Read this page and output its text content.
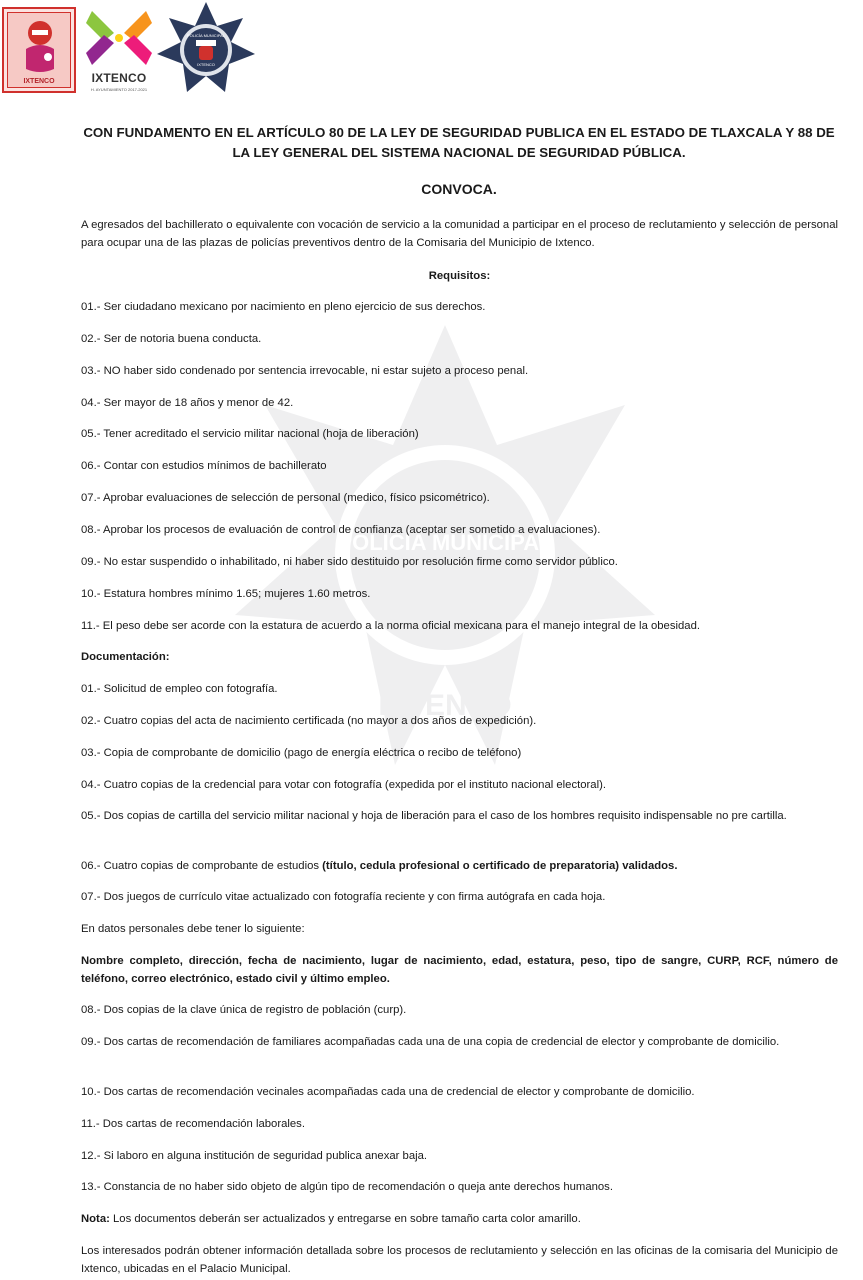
POLICÍA MUNICIPAL
IXTENCO
IXTENCO	IXTENCO
H. AYUNTAMIENTO 2017-2021
POLICÍA MUNICIPAL
IXTENCO

CON FUNDAMENTO EN EL ARTÍCULO 80 DE LA LEY DE SEGURIDAD PUBLICA EN EL ESTADO DE TLAXCALA Y 88 DE LA LEY GENERAL DEL SISTEMA NACIONAL DE SEGURIDAD PÚBLICA.

CONVOCA.

A egresados del bachillerato o equivalente con vocación de servicio a la comunidad a participar en el proceso de reclutamiento y selección de personal para ocupar una de las plazas de policías preventivos dentro de la Comisaria del Municipio de Ixtenco.

Requisitos:

01.- Ser ciudadano mexicano por nacimiento en pleno ejercicio de sus derechos.

02.- Ser de notoria buena conducta.

03.- NO haber sido condenado por sentencia irrevocable, ni estar sujeto a proceso penal.

04.- Ser mayor de 18 años y menor de 42.

05.- Tener acreditado el servicio militar nacional (hoja de liberación)

06.- Contar con estudios mínimos de bachillerato

07.- Aprobar evaluaciones de selección de personal (medico, físico psicométrico).

08.- Aprobar los procesos de evaluación de control de confianza (aceptar ser sometido a evaluaciones).

09.- No estar suspendido o inhabilitado, ni haber sido destituido por resolución firme como servidor público.

10.- Estatura hombres mínimo 1.65; mujeres 1.60 metros.

11.- El peso debe ser acorde con la estatura de acuerdo a la norma oficial mexicana para el manejo integral de la obesidad.

Documentación:

01.- Solicitud de empleo con fotografía.

02.- Cuatro copias del acta de nacimiento certificada (no mayor a dos años de expedición).

03.- Copia de comprobante de domicilio (pago de energía eléctrica o recibo de teléfono)

04.- Cuatro copias de la credencial para votar con fotografía (expedida por el instituto nacional electoral).

05.- Dos copias de cartilla del servicio militar nacional y hoja de liberación para el caso de los hombres requisito indispensable no pre cartilla.

06.- Cuatro copias de comprobante de estudios (título, cedula profesional o certificado de preparatoria) validados.

07.- Dos juegos de currículo vitae actualizado con fotografía reciente y con firma autógrafa en cada hoja.

En datos personales debe tener lo siguiente:

Nombre completo, dirección, fecha de nacimiento, lugar de nacimiento, edad, estatura, peso, tipo de sangre, CURP, RCF, número de teléfono, correo electrónico, estado civil y último empleo.

08.- Dos copias de la clave única de registro de población (curp).

09.- Dos cartas de recomendación de familiares acompañadas cada una de una copia de credencial de elector y comprobante de domicilio.

10.- Dos cartas de recomendación vecinales acompañadas cada una de credencial de elector y comprobante de domicilio.

11.- Dos cartas de recomendación laborales.

12.- Si laboro en alguna institución de seguridad publica anexar baja.

13.- Constancia de no haber sido objeto de algún tipo de recomendación o queja ante derechos humanos.

Nota: Los documentos deberán ser actualizados y entregarse en sobre tamaño carta color amarillo.

Los interesados podrán obtener información detallada sobre los procesos de reclutamiento y selección en las oficinas de la comisaria del Municipio de Ixtenco, ubicadas en el Palacio Municipal.
